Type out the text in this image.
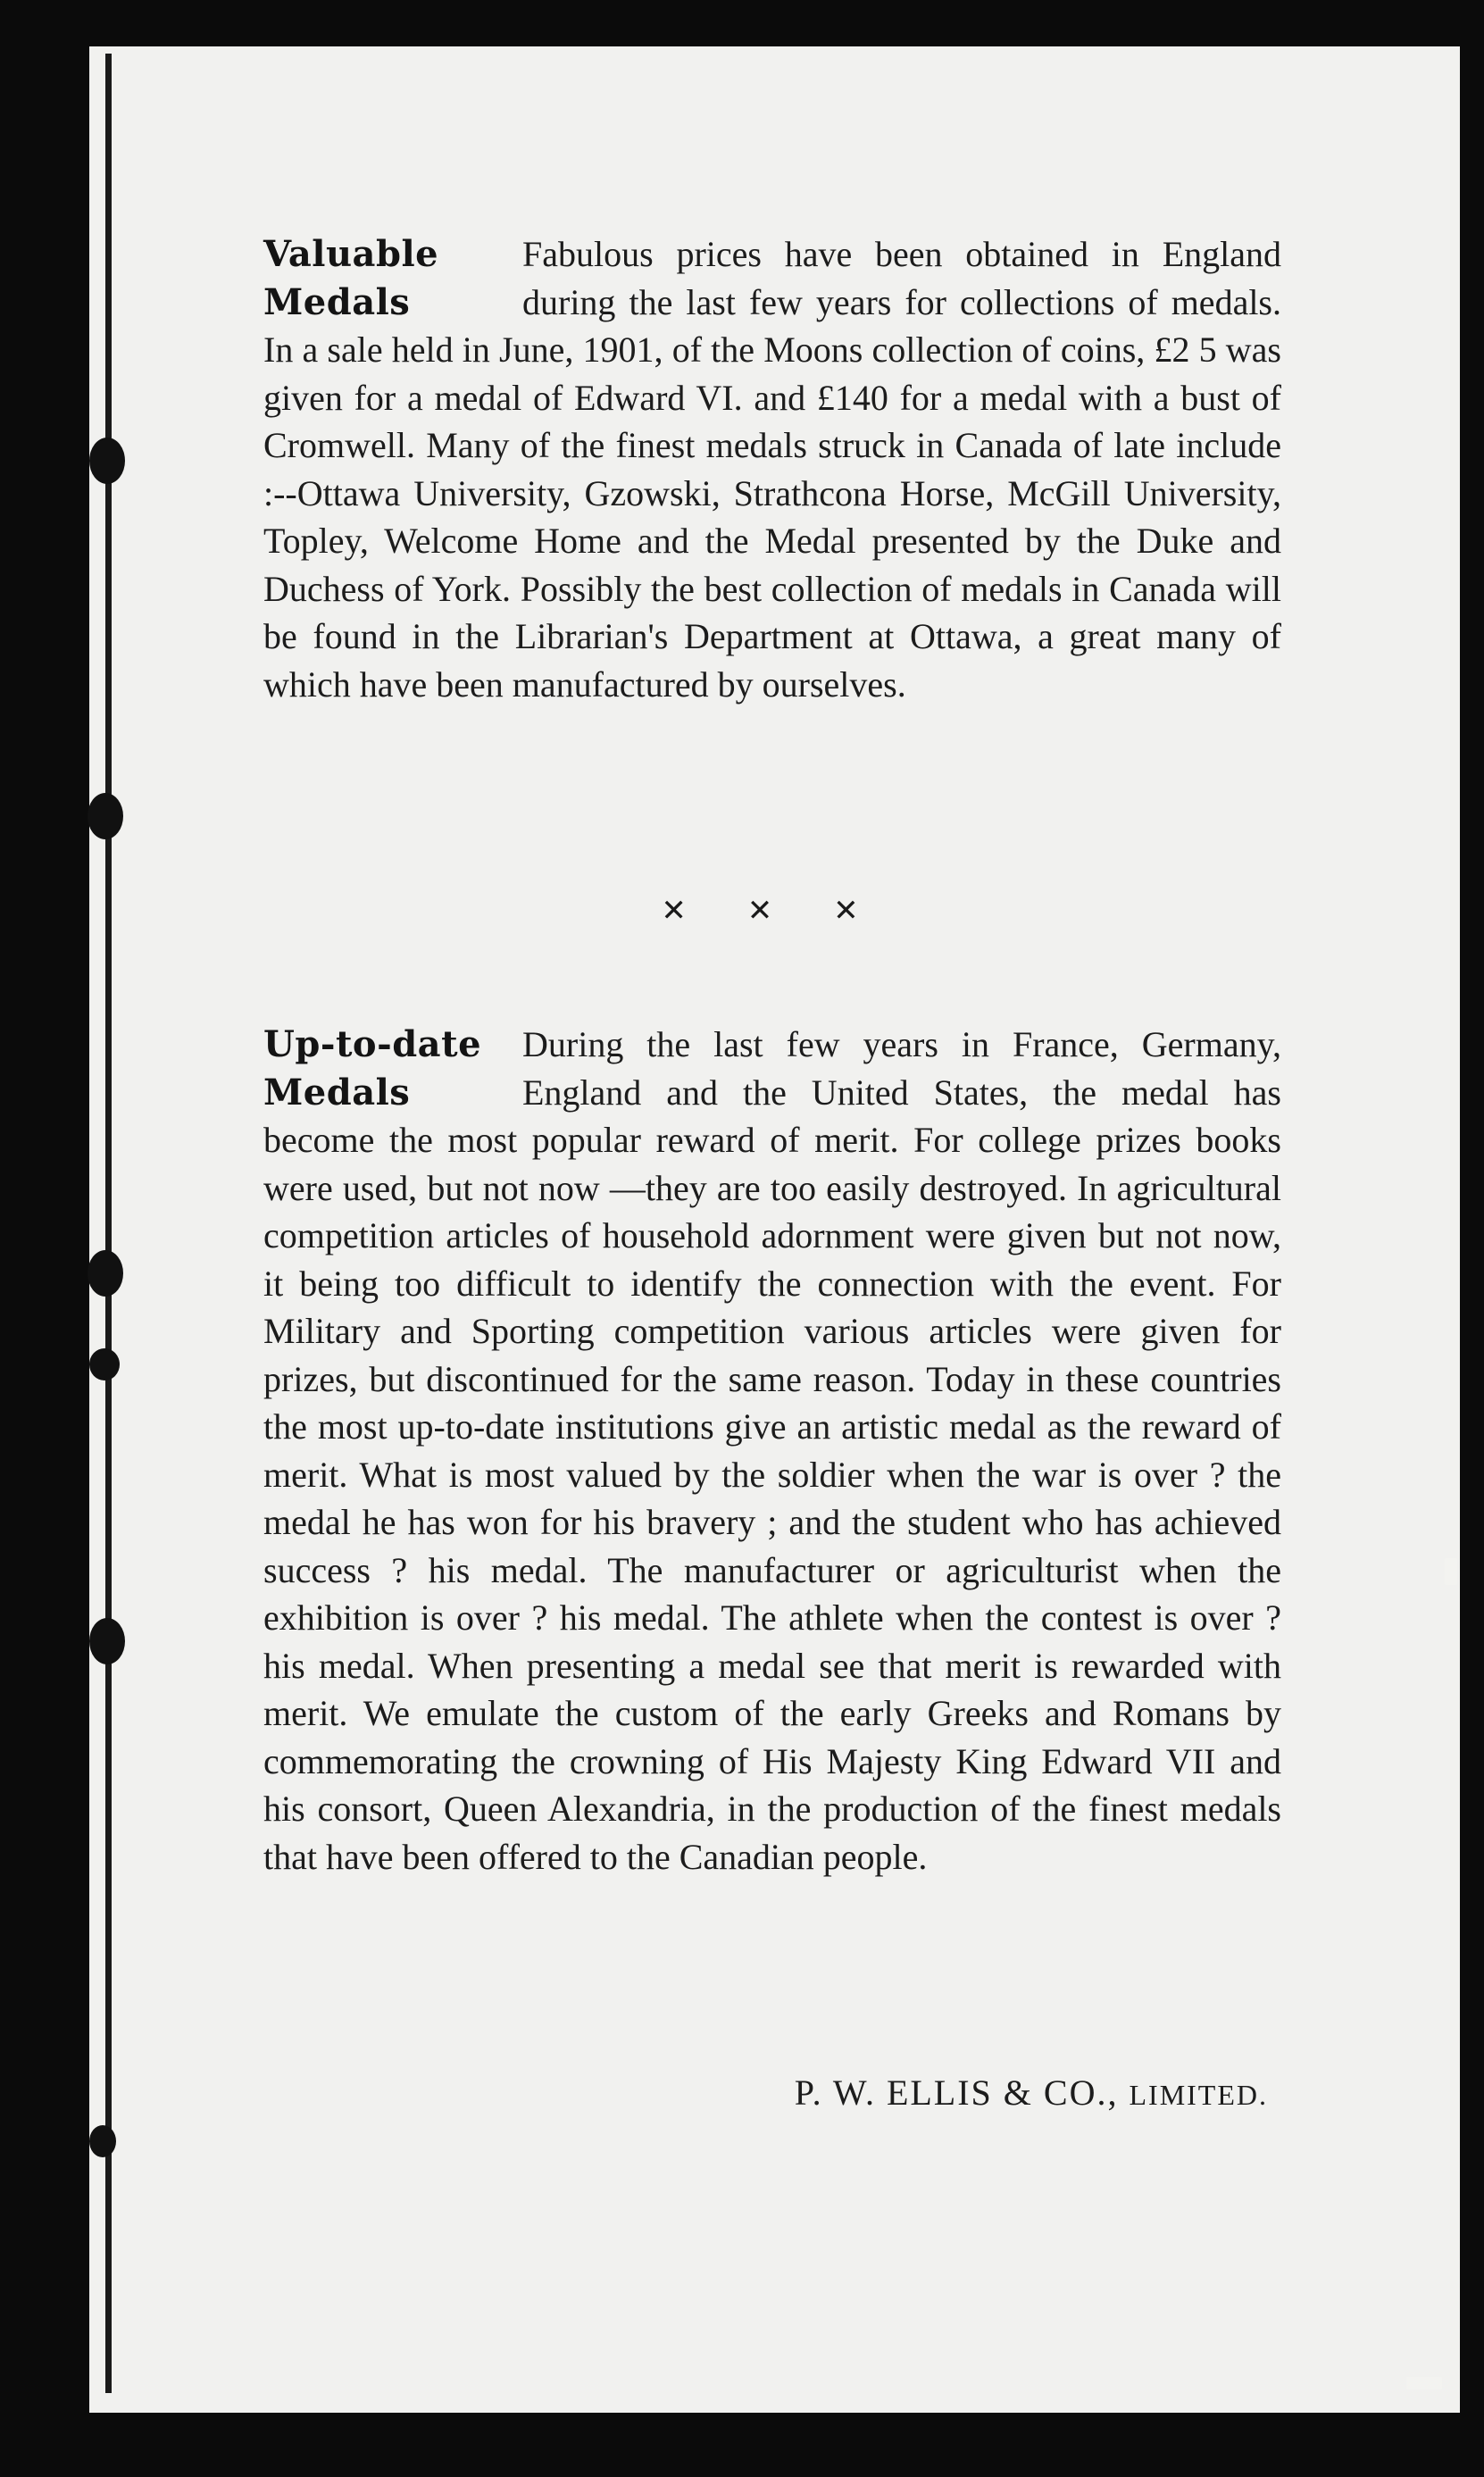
Valuable
Medals

Fabulous prices have been obtained in England during the last few years for collections of medals. In a sale held in June, 1901, of the Moons collection of coins, £2 5 was given for a medal of Edward VI. and £140 for a medal with a bust of Cromwell. Many of the finest medals struck in Canada of late include :--Ottawa University, Gzowski, Strathcona Horse, McGill University, Topley, Welcome Home and the Medal presented by the Duke and Duchess of York. Possibly the best collection of medals in Canada will be found in the Librarian's Department at Ottawa, a great many of which have been manufactured by ourselves.

✕ ✕ ✕
Up-to-date
Medals

During the last few years in France, Germany, England and the United States, the medal has become the most popular reward of merit. For college prizes books were used, but not now —they are too easily destroyed. In agricultural competition articles of household adornment were given but not now, it being too difficult to identify the connection with the event. For Military and Sporting competition various articles were given for prizes, but discontinued for the same reason. Today in these countries the most up-to-date institutions give an artistic medal as the reward of merit. What is most valued by the soldier when the war is over ? the medal he has won for his bravery ; and the student who has achieved success ? his medal. The manufacturer or agriculturist when the exhibition is over ? his medal. The athlete when the contest is over ? his medal. When presenting a medal see that merit is rewarded with merit. We emulate the custom of the early Greeks and Romans by commemorating the crowning of His Majesty King Edward VII and his consort, Queen Alexandria, in the production of the finest medals that have been offered to the Canadian people.

P. W. ELLIS & CO., LIMITED.
